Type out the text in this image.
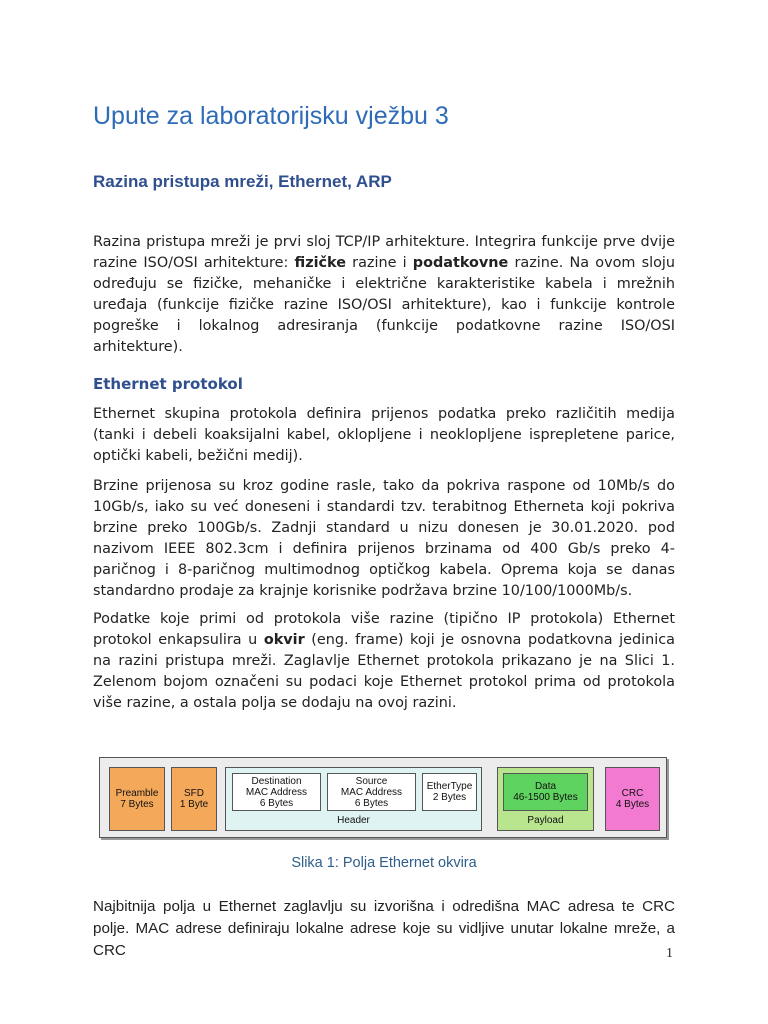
Upute za laboratorijsku vježbu 3
Razina pristupa mreži, Ethernet, ARP

Razina pristupa mreži je prvi sloj TCP/IP arhitekture. Integrira funkcije prve dvije razine ISO/OSI arhitekture: fizičke razine i podatkovne razine. Na ovom sloju određuju se fizičke, mehaničke i električne karakteristike kabela i mrežnih uređaja (funkcije fizičke razine ISO/OSI arhitekture), kao i funkcije kontrole pogreške i lokalnog adresiranja (funkcije podatkovne razine ISO/OSI arhitekture).

Ethernet protokol

Ethernet skupina protokola definira prijenos podatka preko različitih medija (tanki i debeli koaksijalni kabel, oklopljene i neoklopljene isprepletene parice, optički kabeli, bežični medij).

Brzine prijenosa su kroz godine rasle, tako da pokriva raspone od 10Mb/s do 10Gb/s, iako su već doneseni i standardi tzv. terabitnog Etherneta koji pokriva brzine preko 100Gb/s. Zadnji standard u nizu donesen je 30.01.2020. pod nazivom IEEE 802.3cm i definira prijenos brzinama od 400 Gb/s preko 4-paričnog i 8-paričnog multimodnog optičkog kabela. Oprema koja se danas standardno prodaje za krajnje korisnike podržava brzine 10/100/1000Mb/s.

Podatke koje primi od protokola više razine (tipično IP protokola) Ethernet protokol enkapsulira u okvir (eng. frame) koji je osnovna podatkovna jedinica na razini pristupa mreži. Zaglavlje Ethernet protokola prikazano je na Slici 1. Zelenom bojom označeni su podaci koje Ethernet protokol prima od protokola više razine, a ostala polja se dodaju na ovoj razini.

Preamble
7 Bytes
SFD
1 Byte
Destination
MAC Address
6 Bytes
Source
MAC Address
6 Bytes
EtherType
2 Bytes
Header
Data
46-1500 Bytes
Payload
CRC
4 Bytes
Slika 1: Polja Ethernet okvira

Najbitnija polja u Ethernet zaglavlju su izvorišna i odredišna MAC adresa te CRC polje. MAC adrese definiraju lokalne adrese koje su vidljive unutar lokalne mreže, a CRC	1
